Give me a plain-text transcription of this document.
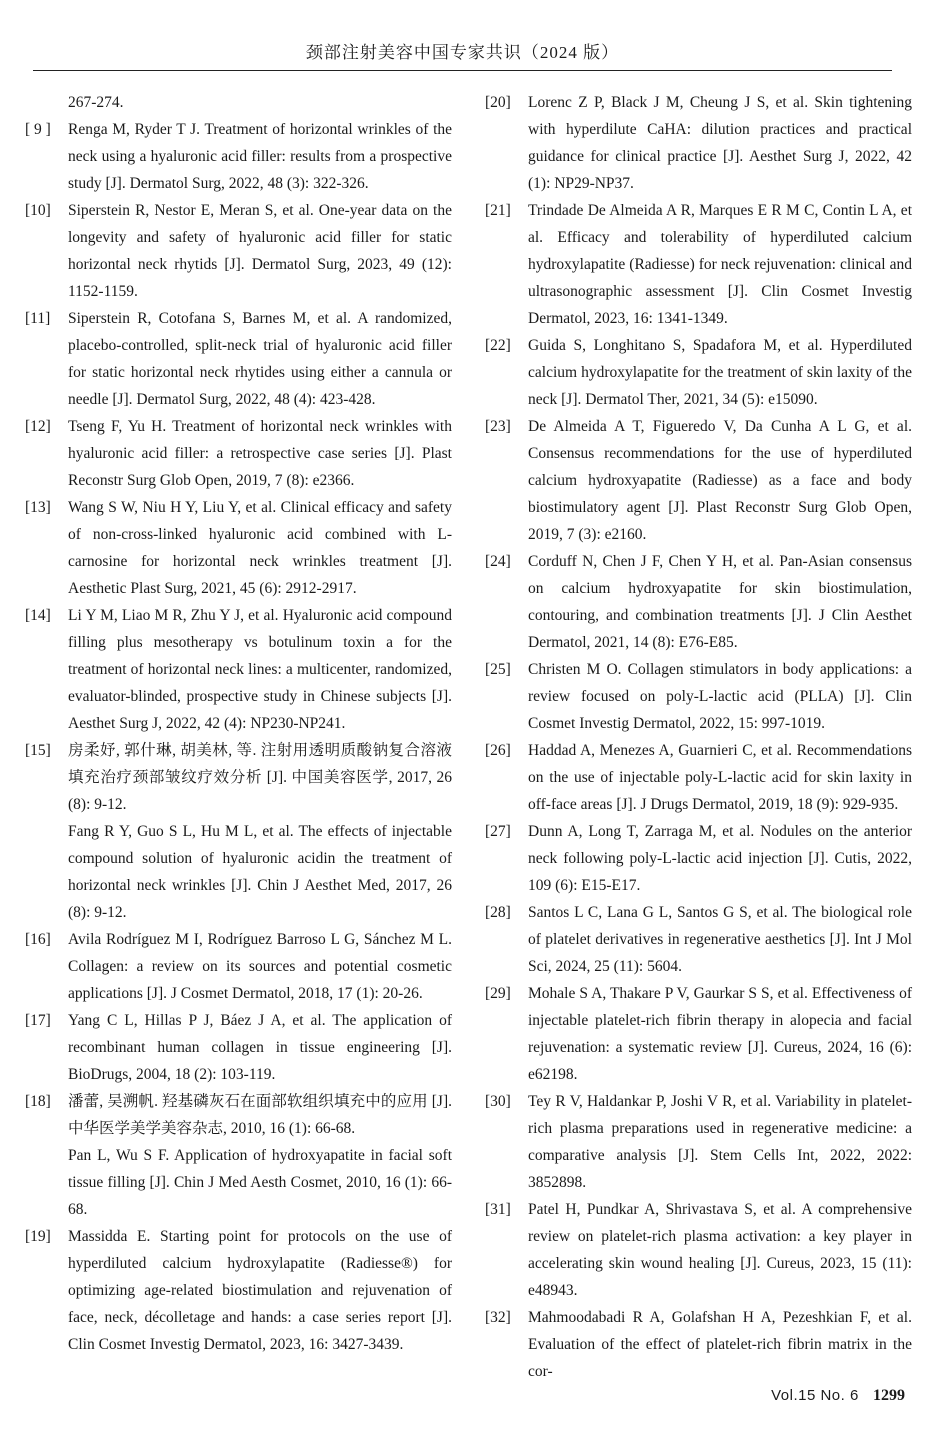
颈部注射美容中国专家共识（2024 版）
267-274.
[ 9 ]	Renga M, Ryder T J. Treatment of horizontal wrinkles of the neck using a hyaluronic acid filler: results from a prospective study [J]. Dermatol Surg, 2022, 48 (3): 322-326.
[10]	Siperstein R, Nestor E, Meran S, et al. One-year data on the longevity and safety of hyaluronic acid filler for static horizontal neck rhytids [J]. Dermatol Surg, 2023, 49 (12): 1152-1159.
[11]	Siperstein R, Cotofana S, Barnes M, et al. A randomized, placebo-controlled, split-neck trial of hyaluronic acid filler for static horizontal neck rhytides using either a cannula or needle [J]. Dermatol Surg, 2022, 48 (4): 423-428.
[12]	Tseng F, Yu H. Treatment of horizontal neck wrinkles with hyaluronic acid filler: a retrospective case series [J]. Plast Reconstr Surg Glob Open, 2019, 7 (8): e2366.
[13]	Wang S W, Niu H Y, Liu Y, et al. Clinical efficacy and safety of non-cross-linked hyaluronic acid combined with L-carnosine for horizontal neck wrinkles treatment [J]. Aesthetic Plast Surg, 2021, 45 (6): 2912-2917.
[14]	Li Y M, Liao M R, Zhu Y J, et al. Hyaluronic acid compound filling plus mesotherapy vs botulinum toxin a for the treatment of horizontal neck lines: a multicenter, randomized, evaluator-blinded, prospective study in Chinese subjects [J]. Aesthet Surg J, 2022, 42 (4): NP230-NP241.
[15]	房柔妤, 郭什琳, 胡美林, 等. 注射用透明质酸钠复合溶液填充治疗颈部皱纹疗效分析 [J]. 中国美容医学, 2017, 26 (8): 9-12.
Fang R Y, Guo S L, Hu M L, et al. The effects of injectable compound solution of hyaluronic acidin the treatment of horizontal neck wrinkles [J]. Chin J Aesthet Med, 2017, 26 (8): 9-12.
[16]	Avila Rodríguez M I, Rodríguez Barroso L G, Sánchez M L. Collagen: a review on its sources and potential cosmetic applications [J]. J Cosmet Dermatol, 2018, 17 (1): 20-26.
[17]	Yang C L, Hillas P J, Báez J A, et al. The application of recombinant human collagen in tissue engineering [J]. BioDrugs, 2004, 18 (2): 103-119.
[18]	潘蕾, 吴溯帆. 羟基磷灰石在面部软组织填充中的应用 [J]. 中华医学美学美容杂志, 2010, 16 (1): 66-68.
Pan L, Wu S F. Application of hydroxyapatite in facial soft tissue filling [J]. Chin J Med Aesth Cosmet, 2010, 16 (1): 66-68.
[19]	Massidda E. Starting point for protocols on the use of hyperdiluted calcium hydroxylapatite (Radiesse®) for optimizing age-related biostimulation and rejuvenation of face, neck, décolletage and hands: a case series report [J]. Clin Cosmet Investig Dermatol, 2023, 16: 3427-3439.
[20]	Lorenc Z P, Black J M, Cheung J S, et al. Skin tightening with hyperdilute CaHA: dilution practices and practical guidance for clinical practice [J]. Aesthet Surg J, 2022, 42 (1): NP29-NP37.
[21]	Trindade De Almeida A R, Marques E R M C, Contin L A, et al. Efficacy and tolerability of hyperdiluted calcium hydroxylapatite (Radiesse) for neck rejuvenation: clinical and ultrasonographic assessment [J]. Clin Cosmet Investig Dermatol, 2023, 16: 1341-1349.
[22]	Guida S, Longhitano S, Spadafora M, et al. Hyperdiluted calcium hydroxylapatite for the treatment of skin laxity of the neck [J]. Dermatol Ther, 2021, 34 (5): e15090.
[23]	De Almeida A T, Figueredo V, Da Cunha A L G, et al. Consensus recommendations for the use of hyperdiluted calcium hydroxyapatite (Radiesse) as a face and body biostimulatory agent [J]. Plast Reconstr Surg Glob Open, 2019, 7 (3): e2160.
[24]	Corduff N, Chen J F, Chen Y H, et al. Pan-Asian consensus on calcium hydroxyapatite for skin biostimulation, contouring, and combination treatments [J]. J Clin Aesthet Dermatol, 2021, 14 (8): E76-E85.
[25]	Christen M O. Collagen stimulators in body applications: a review focused on poly-L-lactic acid (PLLA) [J]. Clin Cosmet Investig Dermatol, 2022, 15: 997-1019.
[26]	Haddad A, Menezes A, Guarnieri C, et al. Recommendations on the use of injectable poly-L-lactic acid for skin laxity in off-face areas [J]. J Drugs Dermatol, 2019, 18 (9): 929-935.
[27]	Dunn A, Long T, Zarraga M, et al. Nodules on the anterior neck following poly-L-lactic acid injection [J]. Cutis, 2022, 109 (6): E15-E17.
[28]	Santos L C, Lana G L, Santos G S, et al. The biological role of platelet derivatives in regenerative aesthetics [J]. Int J Mol Sci, 2024, 25 (11): 5604.
[29]	Mohale S A, Thakare P V, Gaurkar S S, et al. Effectiveness of injectable platelet-rich fibrin therapy in alopecia and facial rejuvenation: a systematic review [J]. Cureus, 2024, 16 (6): e62198.
[30]	Tey R V, Haldankar P, Joshi V R, et al. Variability in platelet-rich plasma preparations used in regenerative medicine: a comparative analysis [J]. Stem Cells Int, 2022, 2022: 3852898.
[31]	Patel H, Pundkar A, Shrivastava S, et al. A comprehensive review on platelet-rich plasma activation: a key player in accelerating skin wound healing [J]. Cureus, 2023, 15 (11): e48943.
[32]	Mahmoodabadi R A, Golafshan H A, Pezeshkian F, et al. Evaluation of the effect of platelet-rich fibrin matrix in the cor-
Vol.15 No. 6 1299
